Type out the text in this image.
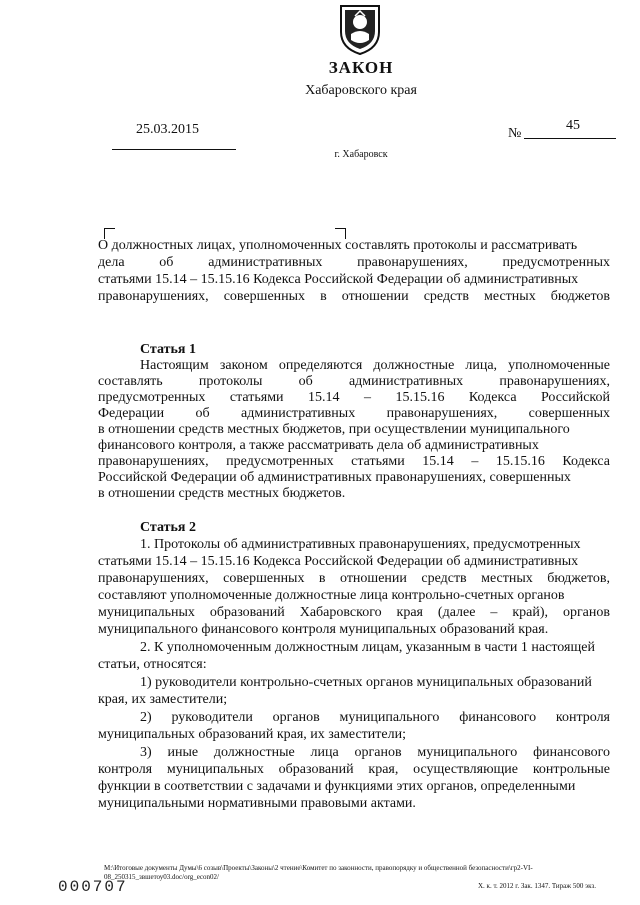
ЗАКОН
Хабаровского края
25.03.2015	№
45
г. Хабаровск
О должностных лицах, уполномоченных составлять протоколы и рассматривать
дела об административных правонарушениях, предусмотренных
статьями 15.14 – 15.15.16 Кодекса Российской Федерации об административных
правонарушениях, совершенных в отношении средств местных бюджетов
Статья 1
Настоящим законом определяются должностные лица, уполномоченные
составлять протоколы об административных правонарушениях,
предусмотренных статьями 15.14 – 15.15.16 Кодекса Российской
Федерации об административных правонарушениях, совершенных
в отношении средств местных бюджетов, при осуществлении муниципального
финансового контроля, а также рассматривать дела об административных
правонарушениях, предусмотренных статьями 15.14 – 15.15.16 Кодекса
Российской Федерации об административных правонарушениях, совершенных
в отношении средств местных бюджетов.
Статья 2
1. Протоколы об административных правонарушениях, предусмотренных
статьями 15.14 – 15.15.16 Кодекса Российской Федерации об административных
правонарушениях, совершенных в отношении средств местных бюджетов,
составляют уполномоченные должностные лица контрольно-счетных органов
муниципальных образований Хабаровского края (далее – край), органов
муниципального финансового контроля муниципальных образований края.
2. К уполномоченным должностным лицам, указанным в части 1 настоящей
статьи, относятся:
1) руководители контрольно-счетных органов муниципальных образований
края, их заместители;
2) руководители органов муниципального финансового контроля
муниципальных образований края, их заместители;
3) иные должностные лица органов муниципального финансового
контроля муниципальных образований края, осуществляющие контрольные
функции в соответствии с задачами и функциями этих органов, определенными
муниципальными нормативными правовыми актами.
M:\Итоговые документы Думы\6 созыв\Проекты\Законы\2 чтение\Комитет по законности, правопорядку и общественной безопасности\гр2-VI-
08_250315_звшетоу03.doc/org_econ02/
Х. к. т. 2012 г. Зак. 1347. Тираж 500 экз.
000707
